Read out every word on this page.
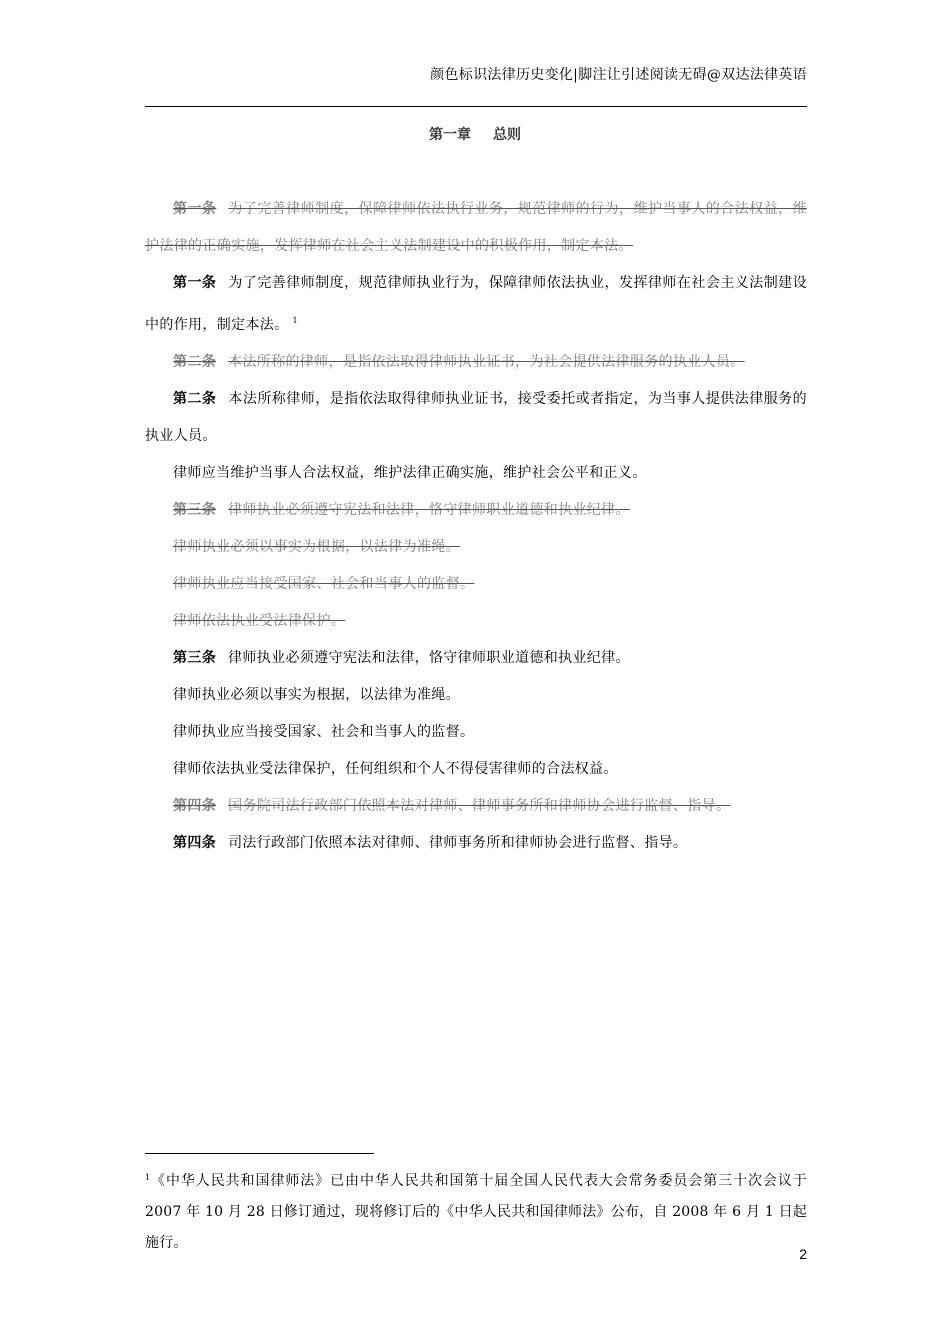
颜色标识法律历史变化|脚注让引述阅读无碍@双达法律英语
第一章 总则

第一条 为了完善律师制度，保障律师依法执行业务，规范律师的行为，维护当事人的合法权益，维护法律的正确实施，发挥律师在社会主义法制建设中的积极作用，制定本法。

第一条 为了完善律师制度，规范律师执业行为，保障律师依法执业，发挥律师在社会主义法制建设中的作用，制定本法。 $^1$

第二条 本法所称的律师，是指依法取得律师执业证书，为社会提供法律服务的执业人员。

第二条 本法所称律师，是指依法取得律师执业证书，接受委托或者指定，为当事人提供法律服务的执业人员。

律师应当维护当事人合法权益，维护法律正确实施，维护社会公平和正义。

第三条 律师执业必须遵守宪法和法律，恪守律师职业道德和执业纪律。

律师执业必须以事实为根据，以法律为准绳。

律师执业应当接受国家、社会和当事人的监督。

律师依法执业受法律保护。

第三条 律师执业必须遵守宪法和法律，恪守律师职业道德和执业纪律。

律师执业必须以事实为根据，以法律为准绳。

律师执业应当接受国家、社会和当事人的监督。

律师依法执业受法律保护，任何组织和个人不得侵害律师的合法权益。

第四条 国务院司法行政部门依照本法对律师、律师事务所和律师协会进行监督、指导。

第四条 司法行政部门依照本法对律师、律师事务所和律师协会进行监督、指导。

$^1$《中华人民共和国律师法》已由中华人民共和国第十届全国人民代表大会常务委员会第三十次会议于 2007 年 10 月 28 日修订通过，现将修订后的《中华人民共和国律师法》公布，自 2008 年 6 月 1 日起施行。
2
